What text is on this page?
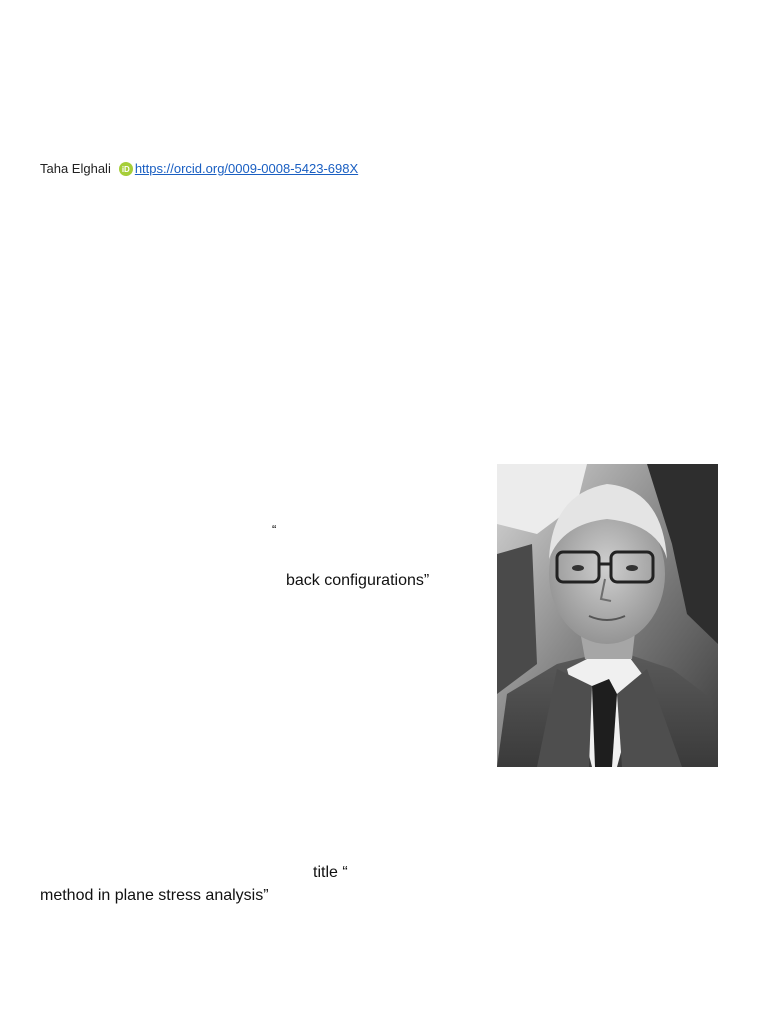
Taha Elghali	iD https://orcid.org/0009-0008-5423-698X
“
back configurations”
title “
method in plane stress analysis”
